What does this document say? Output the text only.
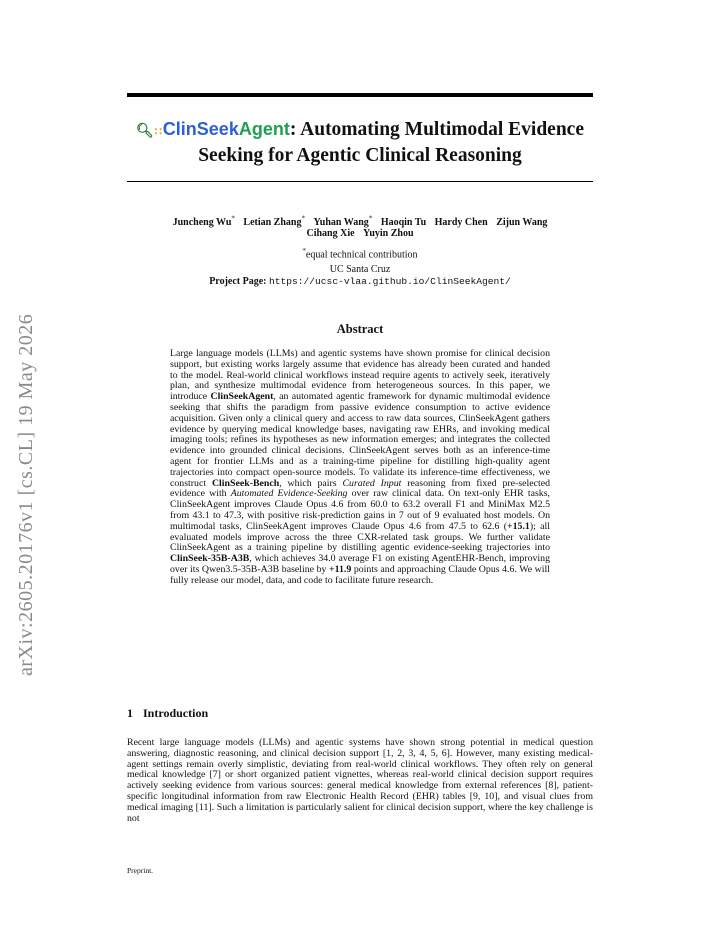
arXiv:2605.20176v1 [cs.CL] 19 May 2026
🔍︎∷ ClinSeekAgent: Automating Multimodal Evidence
Seeking for Agentic Clinical Reasoning
Juncheng Wu* Letian Zhang* Yuhan Wang* Haoqin Tu Hardy Chen Zijun Wang
Cihang Xie Yuyin Zhou
*equal technical contribution
UC Santa Cruz
Project Page: https://ucsc-vlaa.github.io/ClinSeekAgent/
Abstract
Large language models (LLMs) and agentic systems have shown promise for clinical decision support, but existing works largely assume that evidence has already been curated and handed to the model. Real-world clinical workflows instead require agents to actively seek, iteratively plan, and synthesize multimodal evidence from heterogeneous sources. In this paper, we introduce ClinSeekAgent, an automated agentic framework for dynamic multimodal evidence seeking that shifts the paradigm from passive evidence consumption to active evidence acquisition. Given only a clinical query and access to raw data sources, ClinSeekAgent gathers evidence by querying medical knowledge bases, navigating raw EHRs, and invoking medical imaging tools; refines its hypotheses as new information emerges; and integrates the collected evidence into grounded clinical decisions. ClinSeekAgent serves both as an inference-time agent for frontier LLMs and as a training-time pipeline for distilling high-quality agent trajectories into compact open-source models. To validate its inference-time effectiveness, we construct ClinSeek-Bench, which pairs Curated Input reasoning from fixed pre-selected evidence with Automated Evidence-Seeking over raw clinical data. On text-only EHR tasks, ClinSeekAgent improves Claude Opus 4.6 from 60.0 to 63.2 overall F1 and MiniMax M2.5 from 43.1 to 47.3, with positive risk-prediction gains in 7 out of 9 evaluated host models. On multimodal tasks, ClinSeekAgent improves Claude Opus 4.6 from 47.5 to 62.6 (+15.1); all evaluated models improve across the three CXR-related task groups. We further validate ClinSeekAgent as a training pipeline by distilling agentic evidence-seeking trajectories into ClinSeek-35B-A3B, which achieves 34.0 average F1 on existing AgentEHR-Bench, improving over its Qwen3.5-35B-A3B baseline by +11.9 points and approaching Claude Opus 4.6. We will fully release our model, data, and code to facilitate future research.
1 Introduction
Recent large language models (LLMs) and agentic systems have shown strong potential in medical question answering, diagnostic reasoning, and clinical decision support [1, 2, 3, 4, 5, 6]. However, many existing medical-agent settings remain overly simplistic, deviating from real-world clinical workflows. They often rely on general medical knowledge [7] or short organized patient vignettes, whereas real-world clinical decision support requires actively seeking evidence from various sources: general medical knowledge from external references [8], patient-specific longitudinal information from raw Electronic Health Record (EHR) tables [9, 10], and visual clues from medical imaging [11]. Such a limitation is particularly salient for clinical decision support, where the key challenge is not
Preprint.
